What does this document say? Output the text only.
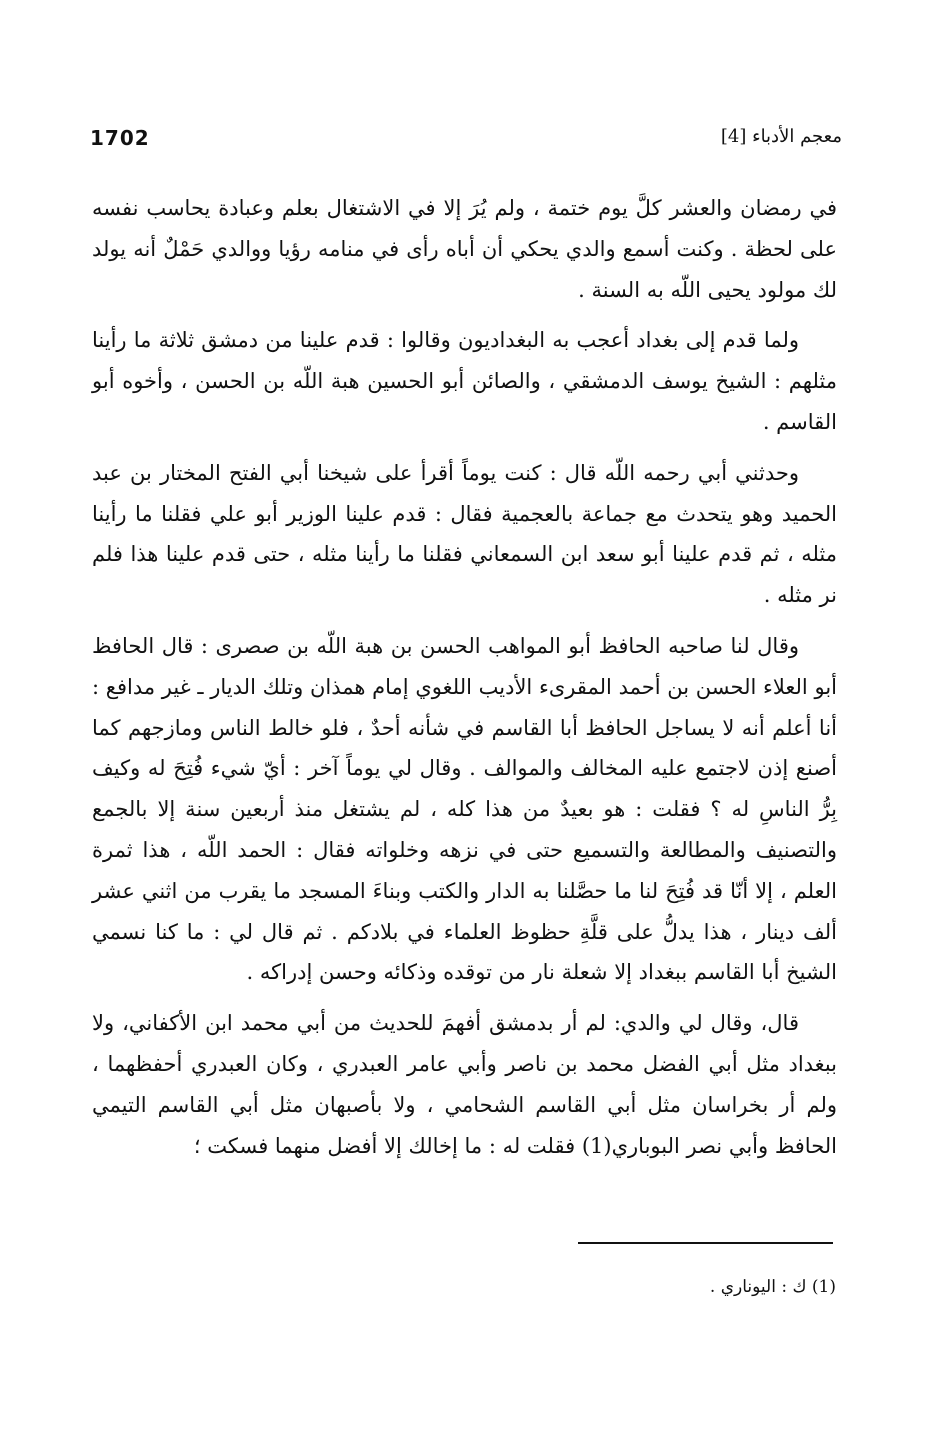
1702	معجم الأدباء [4]

في رمضان والعشر كلَّ يوم ختمة ، ولم يُرَ إلا في الاشتغال بعلم وعبادة يحاسب نفسه على لحظة . وكنت أسمع والدي يحكي أن أباه رأى في منامه رؤيا ووالدي حَمْلٌ أنه يولد لك مولود يحيى اللّه به السنة .

ولما قدم إلى بغداد أعجب به البغداديون وقالوا : قدم علينا من دمشق ثلاثة ما رأينا مثلهم : الشيخ يوسف الدمشقي ، والصائن أبو الحسين هبة اللّه بن الحسن ، وأخوه أبو القاسم .

وحدثني أبي رحمه اللّه قال : كنت يوماً أقرأ على شيخنا أبي الفتح المختار بن عبد الحميد وهو يتحدث مع جماعة بالعجمية فقال : قدم علينا الوزير أبو علي فقلنا ما رأينا مثله ، ثم قدم علينا أبو سعد ابن السمعاني فقلنا ما رأينا مثله ، حتى قدم علينا هذا فلم نر مثله .

وقال لنا صاحبه الحافظ أبو المواهب الحسن بن هبة اللّه بن صصرى : قال الحافظ أبو العلاء الحسن بن أحمد المقرىء الأديب اللغوي إمام همذان وتلك الديار ـ غير مدافع : أنا أعلم أنه لا يساجل الحافظ أبا القاسم في شأنه أحدٌ ، فلو خالط الناس ومازجهم كما أصنع إذن لاجتمع عليه المخالف والموالف . وقال لي يوماً آخر : أيّ شيء فُتِحَ له وكيف بِرُّ الناسِ له ؟ فقلت : هو بعيدٌ من هذا كله ، لم يشتغل منذ أربعين سنة إلا بالجمع والتصنيف والمطالعة والتسميع حتى في نزهه وخلواته فقال : الحمد اللّه ، هذا ثمرة العلم ، إلا أنّا قد فُتِحَ لنا ما حصَّلنا به الدار والكتب وبناءَ المسجد ما يقرب من اثني عشر ألف دينار ، هذا يدلُّ على قلَّةِ حظوظ العلماء في بلادكم . ثم قال لي : ما كنا نسمي الشيخ أبا القاسم ببغداد إلا شعلة نار من توقده وذكائه وحسن إدراكه .

قال، وقال لي والدي: لم أر بدمشق أفهمَ للحديث من أبي محمد ابن الأكفاني، ولا ببغداد مثل أبي الفضل محمد بن ناصر وأبي عامر العبدري ، وكان العبدري أحفظهما ، ولم أر بخراسان مثل أبي القاسم الشحامي ، ولا بأصبهان مثل أبي القاسم التيمي الحافظ وأبي نصر البوباري(1) فقلت له : ما إخالك إلا أفضل منهما فسكت ؛

(1) ك : اليوناري .
